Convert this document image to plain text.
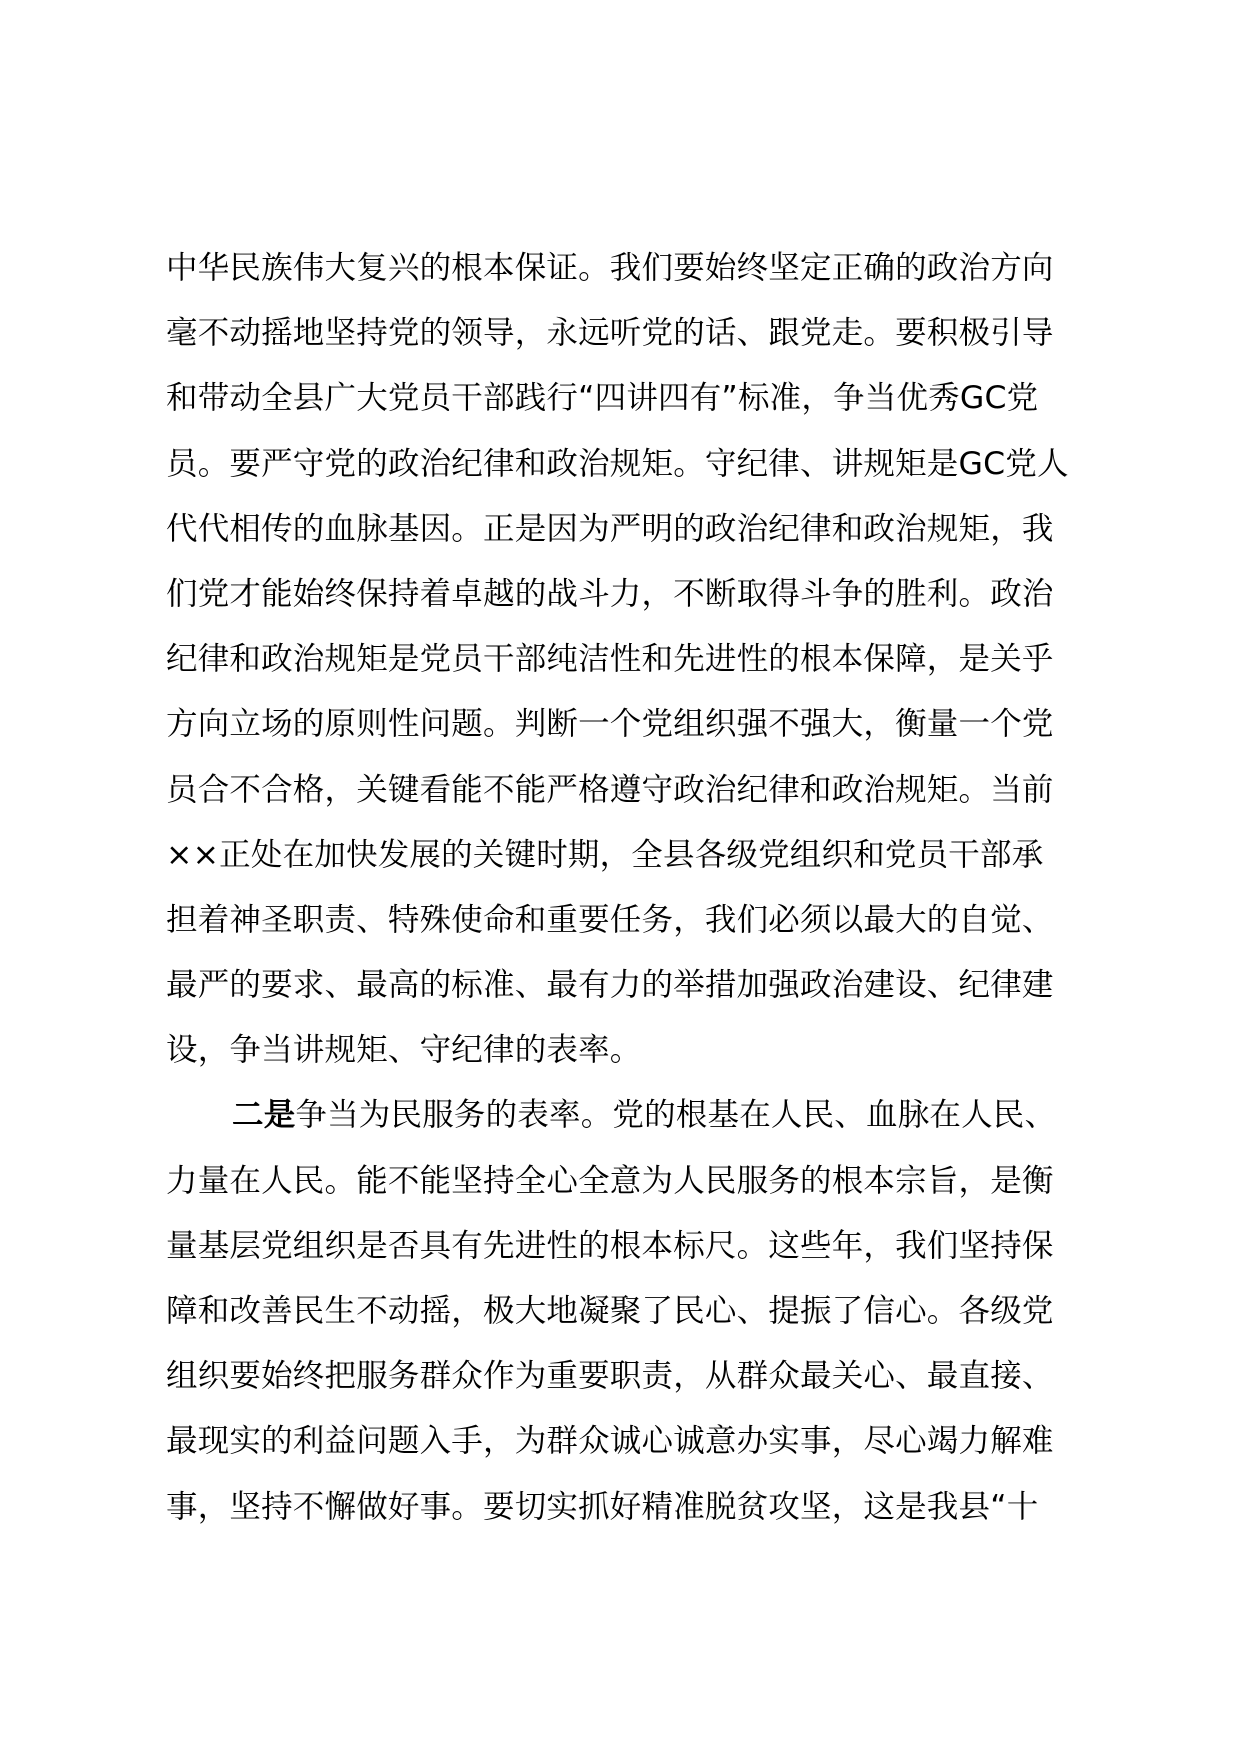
中华民族伟大复兴的根本保证。我们要始终坚定正确的政治方向
毫不动摇地坚持党的领导，永远听党的话、跟党走。要积极引导
和带动全县广大党员干部践行“四讲四有”标准，争当优秀GC党
员。要严守党的政治纪律和政治规矩。守纪律、讲规矩是GC党人
代代相传的血脉基因。正是因为严明的政治纪律和政治规矩，我
们党才能始终保持着卓越的战斗力，不断取得斗争的胜利。政治
纪律和政治规矩是党员干部纯洁性和先进性的根本保障，是关乎
方向立场的原则性问题。判断一个党组织强不强大，衡量一个党
员合不合格，关键看能不能严格遵守政治纪律和政治规矩。当前
××正处在加快发展的关键时期，全县各级党组织和党员干部承
担着神圣职责、特殊使命和重要任务，我们必须以最大的自觉、
最严的要求、最高的标准、最有力的举措加强政治建设、纪律建
设，争当讲规矩、守纪律的表率。
二是争当为民服务的表率。党的根基在人民、血脉在人民、
力量在人民。能不能坚持全心全意为人民服务的根本宗旨，是衡
量基层党组织是否具有先进性的根本标尺。这些年，我们坚持保
障和改善民生不动摇，极大地凝聚了民心、提振了信心。各级党
组织要始终把服务群众作为重要职责，从群众最关心、最直接、
最现实的利益问题入手，为群众诚心诚意办实事，尽心竭力解难
事，坚持不懈做好事。要切实抓好精准脱贫攻坚，这是我县“十
